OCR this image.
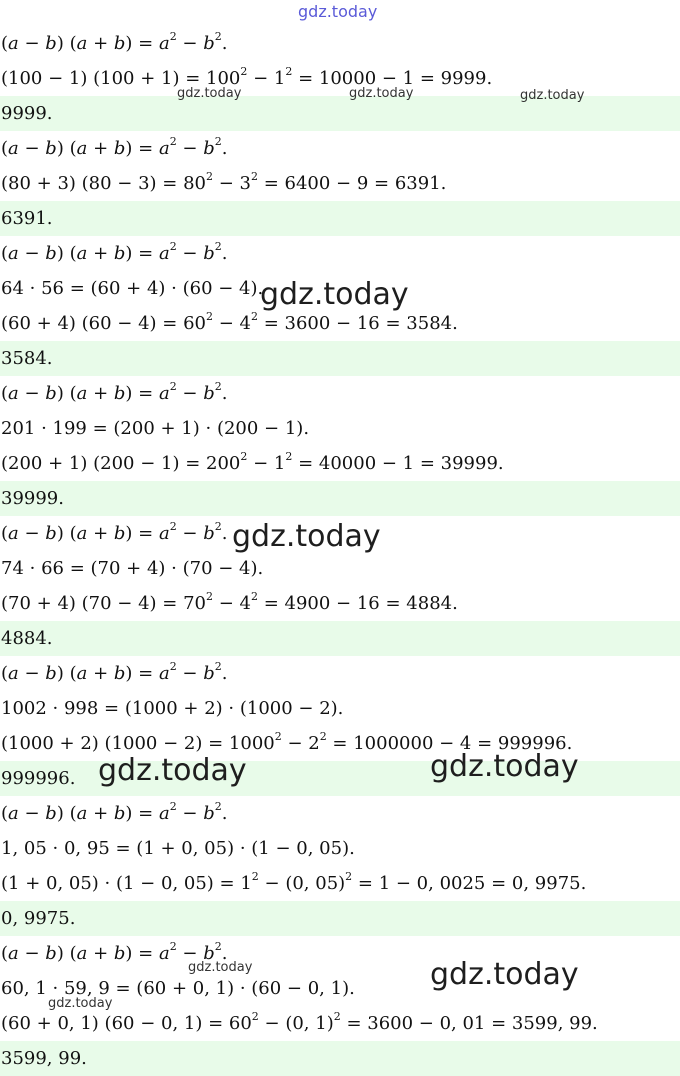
(a − b) $(a + b) = a^2 - b^2$.
(100 − 1) $(100 + 1) = 100^2 - 1^2 = 10000 - 1 = 9999$.
9999.
(a − b) $(a + b) = a^2 - b^2$.
(80 + 3) $(80 - 3) = 80^2 - 3^2 = 6400 - 9 = 6391$.
6391.
(a − b) $(a + b) = a^2 - b^2$.
64 · 56 = (60 + 4) · (60 − 4).
(60 + 4) $(60 - 4) = 60^2 - 4^2 = 3600 - 16 = 3584$.
3584.
(a − b) $(a + b) = a^2 - b^2$.
201 · 199 = (200 + 1) · (200 − 1).
(200 + 1) $(200 - 1) = 200^2 - 1^2 = 40000 - 1 = 39999$.
39999.
(a − b) $(a + b) = a^2 - b^2$.
74 · 66 = (70 + 4) · (70 − 4).
(70 + 4) $(70 - 4) = 70^2 - 4^2 = 4900 - 16 = 4884$.
4884.
(a − b) $(a + b) = a^2 - b^2$.
1002 · 998 = (1000 + 2) · (1000 − 2).
(1000 + 2) $(1000 - 2) = 1000^2 - 2^2 = 1000000 - 4 = 999996$.
999996.
(a − b) $(a + b) = a^2 - b^2$.
1, 05 · 0, 95 = (1 + 0, 05) · (1 − 0, 05).
(1 + 0, 05) · (1 − 0, $05) = 1^2 - (0$, 05)$^2$ = 1 − 0, 0025 = 0, 9975.
0, 9975.
(a − b) $(a + b) = a^2 - b^2$.
60, 1 · 59, 9 = (60 + 0, 1) · (60 − 0, 1).
(60 + 0, 1) (60 − 0, $1) = 60^2 - (0$, 1)$^2$ = 3600 − 0, 01 = 3599, 99.
3599, 99.
gdz.today
gdz.today	gdz.today	gdz.today
gdz.today
gdz.today
gdz.today	gdz.today
gdz.today	gdz.today
gdz.today
